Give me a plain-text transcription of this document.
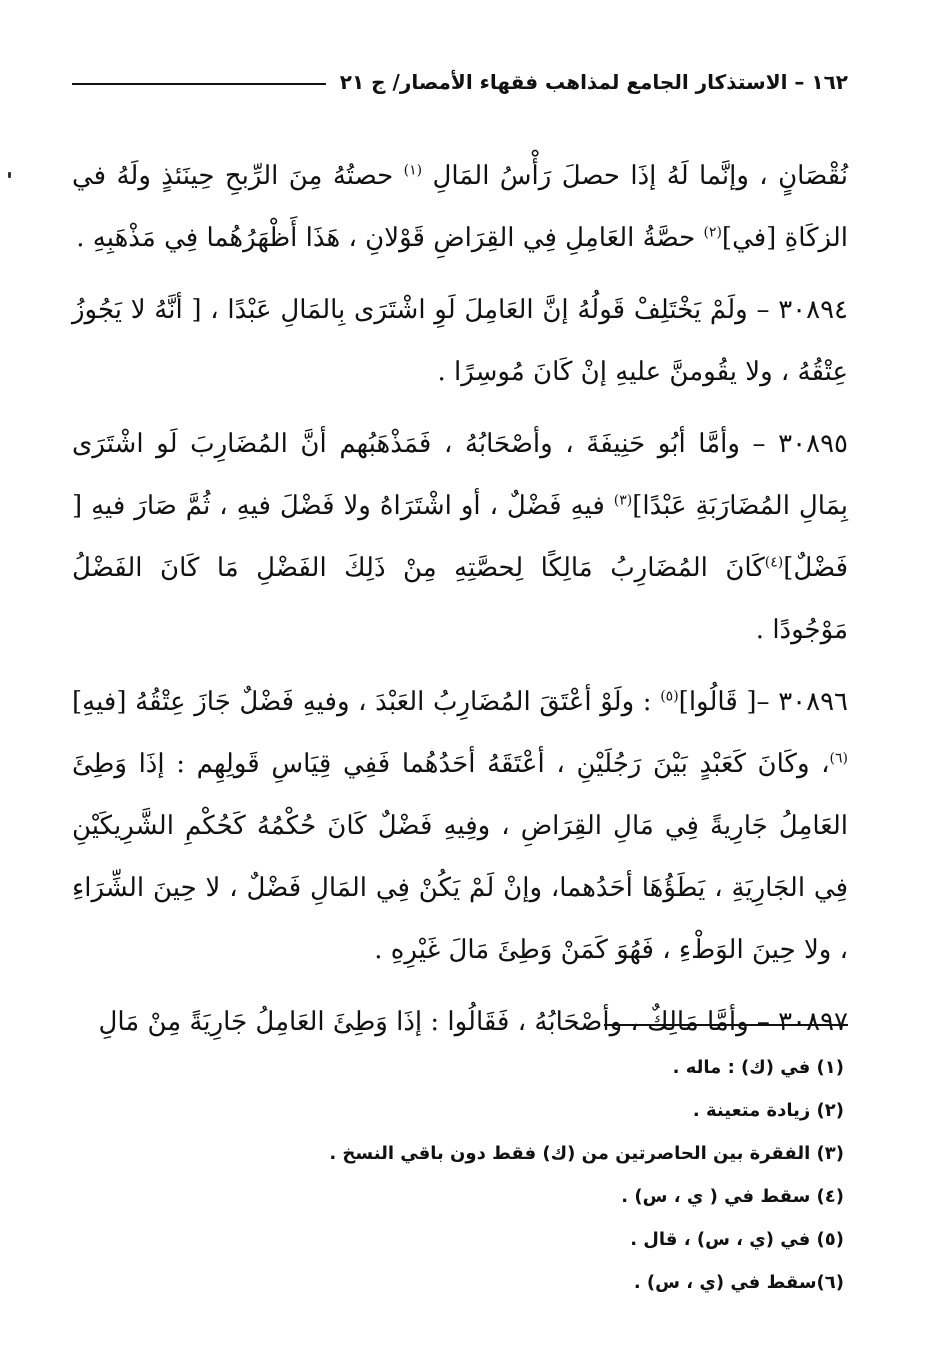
١٦٢ – الاستذكار الجامع لمذاهب فقهاء الأمصار/ ج ٢١

نُقْصَانٍ ، وإنَّما لَهُ إذَا حصلَ رَأْسُ المَالِ $^{(١)}$ حصتُهُ مِنَ الرِّبحِ حِينَئذٍ ولَهُ في الزكَاةِ [في]$^{(٢)}$ حصَّةُ العَامِلِ فِي القِرَاضِ قَوْلانِ ، هَذَا أَظْهَرُهُما فِي مَذْهَبِهِ .

٣٠٨٩٤ – ولَمْ يَخْتَلِفْ قَولُهُ إنَّ العَامِلَ لَوِ اشْتَرَى بِالمَالِ عَبْدًا ، [ أنَّهُ لا يَجُوزُ عِتْقُهُ ، ولا يقُومنَّ عليهِ إنْ كَانَ مُوسِرًا .

٣٠٨٩٥ – وأمَّا أبُو حَنِيفَةَ ، وأصْحَابُهُ ، فَمَذْهَبُهم أنَّ المُضَارِبَ لَو اشْتَرَى بِمَالِ المُضَارَبَةِ عَبْدًا]$^{(٣)}$ فيهِ فَضْلٌ ، أو اشْتَرَاهُ ولا فَضْلَ فيهِ ، ثُمَّ صَارَ فيهِ [ فَضْلٌ]$^{(٤)}$كَانَ المُضَارِبُ مَالِكًا لِحصَّتِهِ مِنْ ذَلِكَ الفَضْلِ مَا كَانَ الفَضْلُ مَوْجُودًا .

٣٠٨٩٦ –[ قَالُوا]$^{(٥)}$ : ولَوْ أعْتَقَ المُضَارِبُ العَبْدَ ، وفيهِ فَضْلٌ جَازَ عِتْقُهُ [فيهِ]$^{(٦)}$، وكَانَ كَعَبْدٍ بَيْنَ رَجُلَيْنِ ، أعْتَقَهُ أحَدُهُما فَفِي قِيَاسِ قَولِهِم : إذَا وَطِئَ العَامِلُ جَارِيةً فِي مَالِ القِرَاضِ ، وفِيهِ فَضْلٌ كَانَ حُكْمُهُ كَحُكْمِ الشَّرِيكَيْنِ فِي الجَارِيَةِ ، يَطَؤُهَا أحَدُهما، وإنْ لَمْ يَكُنْ فِي المَالِ فَضْلٌ ، لا حِينَ الشِّرَاءِ ، ولا حِينَ الوَطْءِ ، فَهُوَ كَمَنْ وَطِئَ مَالَ غَيْرِهِ .

٣٠٨٩٧ – وأمَّا مَالِكٌ ، وأصْحَابُهُ ، فَقَالُوا : إذَا وَطِئَ العَامِلُ جَارِيَةً مِنْ مَالِ

(١) في (ك) : ماله .

(٢) زيادة متعينة .

(٣) الفقرة بين الحاصرتين من (ك) فقط دون باقي النسخ .

(٤) سقط في ( ي ، س) .

(٥) في (ي ، س) ، قال .

(٦)سقط في (ي ، س) .
